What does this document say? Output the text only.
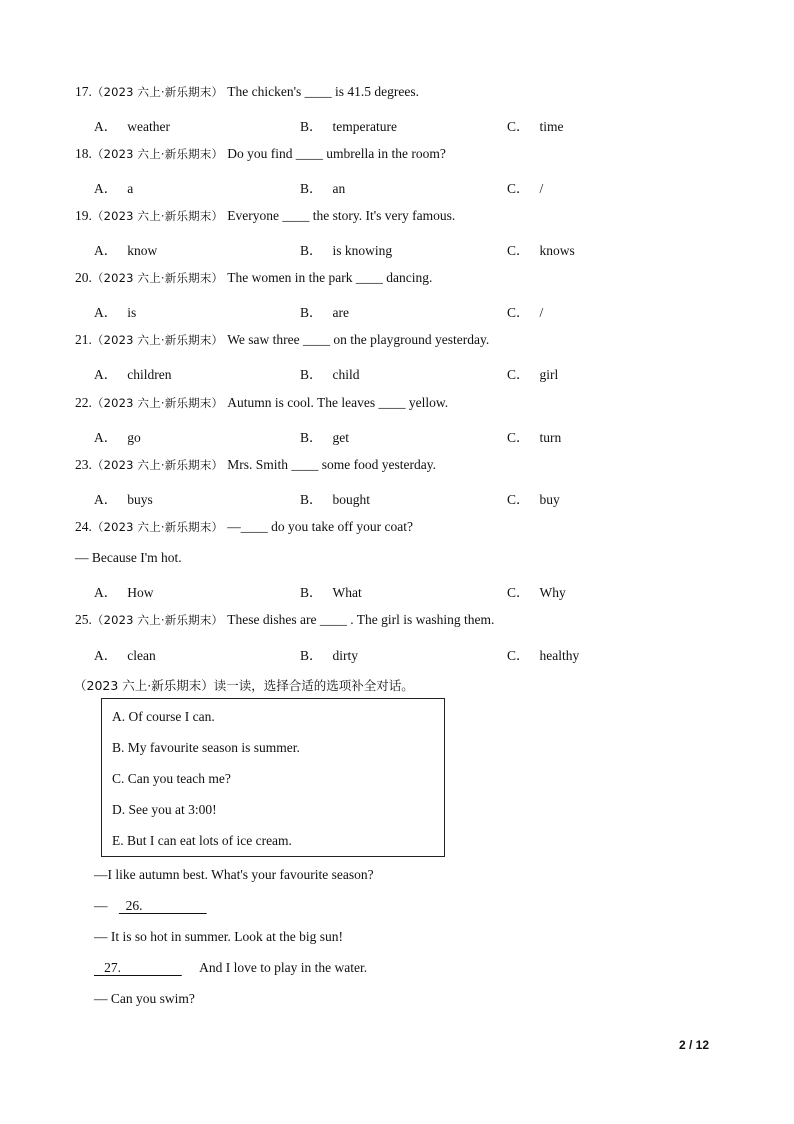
17.（2023 六上·新乐期末） The chicken's ____ is 41.5 degrees.
A． weather	B． temperature	C． time
18.（2023 六上·新乐期末） Do you find ____ umbrella in the room?
A． a	B． an	C． /
19.（2023 六上·新乐期末） Everyone ____ the story. It's very famous.
A． know	B． is knowing	C． knows
20.（2023 六上·新乐期末） The women in the park ____ dancing.
A． is	B． are	C． /
21.（2023 六上·新乐期末） We saw three ____ on the playground yesterday.
A． children	B． child	C． girl
22.（2023 六上·新乐期末） Autumn is cool. The leaves ____ yellow.
A． go	B． get	C． turn
23.（2023 六上·新乐期末） Mrs. Smith ____ some food yesterday.
A． buys	B． bought	C． buy
24.（2023 六上·新乐期末） —____ do you take off your coat?
— Because I'm hot.
A． How	B． What	C． Why
25.（2023 六上·新乐期末） These dishes are ____ . The girl is washing them.
A． clean	B． dirty	C． healthy
（2023 六上·新乐期末）读一读，选择合适的选项补全对话。
A. Of course I can.
B. My favourite season is summer.
C. Can you teach me?
D. See you at 3:00!
E. But I can eat lots of ice cream.
—I like autumn best. What's your favourite season?
— 26.
— It is so hot in summer. Look at the big sun!
27.	And I love to play in the water.
— Can you swim?
2 / 12
